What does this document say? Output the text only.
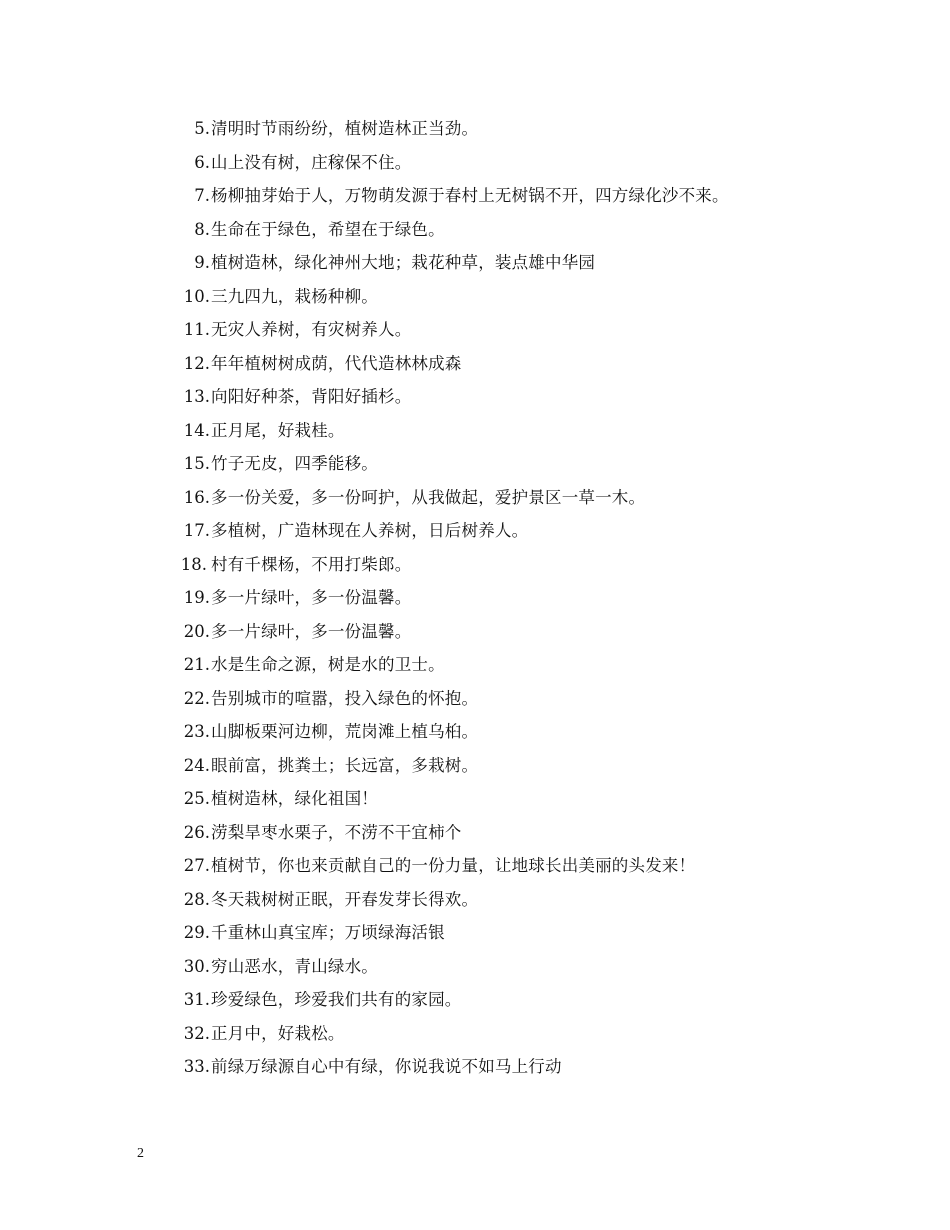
5. 清明时节雨纷纷，植树造林正当劲。
6. 山上没有树，庄稼保不住。
7. 杨柳抽芽始于人，万物萌发源于春村上无树锅不开，四方绿化沙不来。
8. 生命在于绿色，希望在于绿色。
9. 植树造林，绿化神州大地；栽花种草，装点雄中华园
10. 三九四九，栽杨种柳。
11. 无灾人养树，有灾树养人。
12. 年年植树树成荫，代代造林林成森
13. 向阳好种茶，背阳好插杉。
14. 正月尾，好栽桂。
15. 竹子无皮，四季能移。
16. 多一份关爱，多一份呵护，从我做起，爱护景区一草一木。
17. 多植树，广造林现在人养树，日后树养人。
18. 村有千棵杨，不用打柴郎。
19. 多一片绿叶，多一份温馨。
20. 多一片绿叶，多一份温馨。
21. 水是生命之源，树是水的卫士。
22. 告别城市的喧嚣，投入绿色的怀抱。
23. 山脚板栗河边柳，荒岗滩上植乌桕。
24. 眼前富，挑粪土；长远富，多栽树。
25. 植树造林，绿化祖国！
26. 涝梨旱枣水栗子，不涝不干宜柿个
27. 植树节，你也来贡献自己的一份力量，让地球长出美丽的头发来！
28. 冬天栽树树正眠，开春发芽长得欢。
29. 千重林山真宝库；万顷绿海活银
30. 穷山恶水，青山绿水。
31. 珍爱绿色，珍爱我们共有的家园。
32. 正月中，好栽松。
33. 前绿万绿源自心中有绿，你说我说不如马上行动
2
